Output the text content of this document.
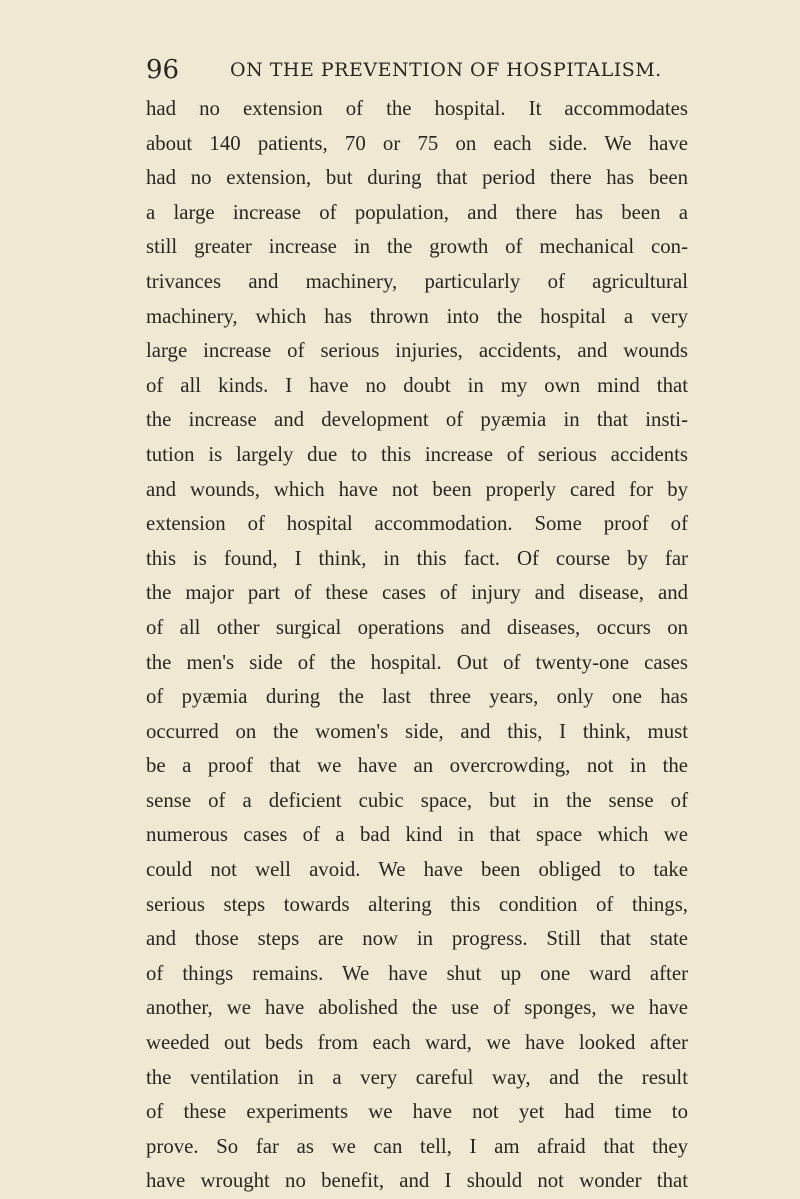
96	ON THE PREVENTION OF HOSPITALISM.
had no extension of the hospital. It accommodates
about 140 patients, 70 or 75 on each side. We have
had no extension, but during that period there has been
a large increase of population, and there has been a
still greater increase in the growth of mechanical con-
trivances and machinery, particularly of agricultural
machinery, which has thrown into the hospital a very
large increase of serious injuries, accidents, and wounds
of all kinds. I have no doubt in my own mind that
the increase and development of pyæmia in that insti-
tution is largely due to this increase of serious accidents
and wounds, which have not been properly cared for by
extension of hospital accommodation. Some proof of
this is found, I think, in this fact. Of course by far
the major part of these cases of injury and disease, and
of all other surgical operations and diseases, occurs on
the men's side of the hospital. Out of twenty-one cases
of pyæmia during the last three years, only one has
occurred on the women's side, and this, I think, must
be a proof that we have an overcrowding, not in the
sense of a deficient cubic space, but in the sense of
numerous cases of a bad kind in that space which we
could not well avoid. We have been obliged to take
serious steps towards altering this condition of things,
and those steps are now in progress. Still that state
of things remains. We have shut up one ward after
another, we have abolished the use of sponges, we have
weeded out beds from each ward, we have looked after
the ventilation in a very careful way, and the result
of these experiments we have not yet had time to
prove. So far as we can tell, I am afraid that they
have wrought no benefit, and I should not wonder that
